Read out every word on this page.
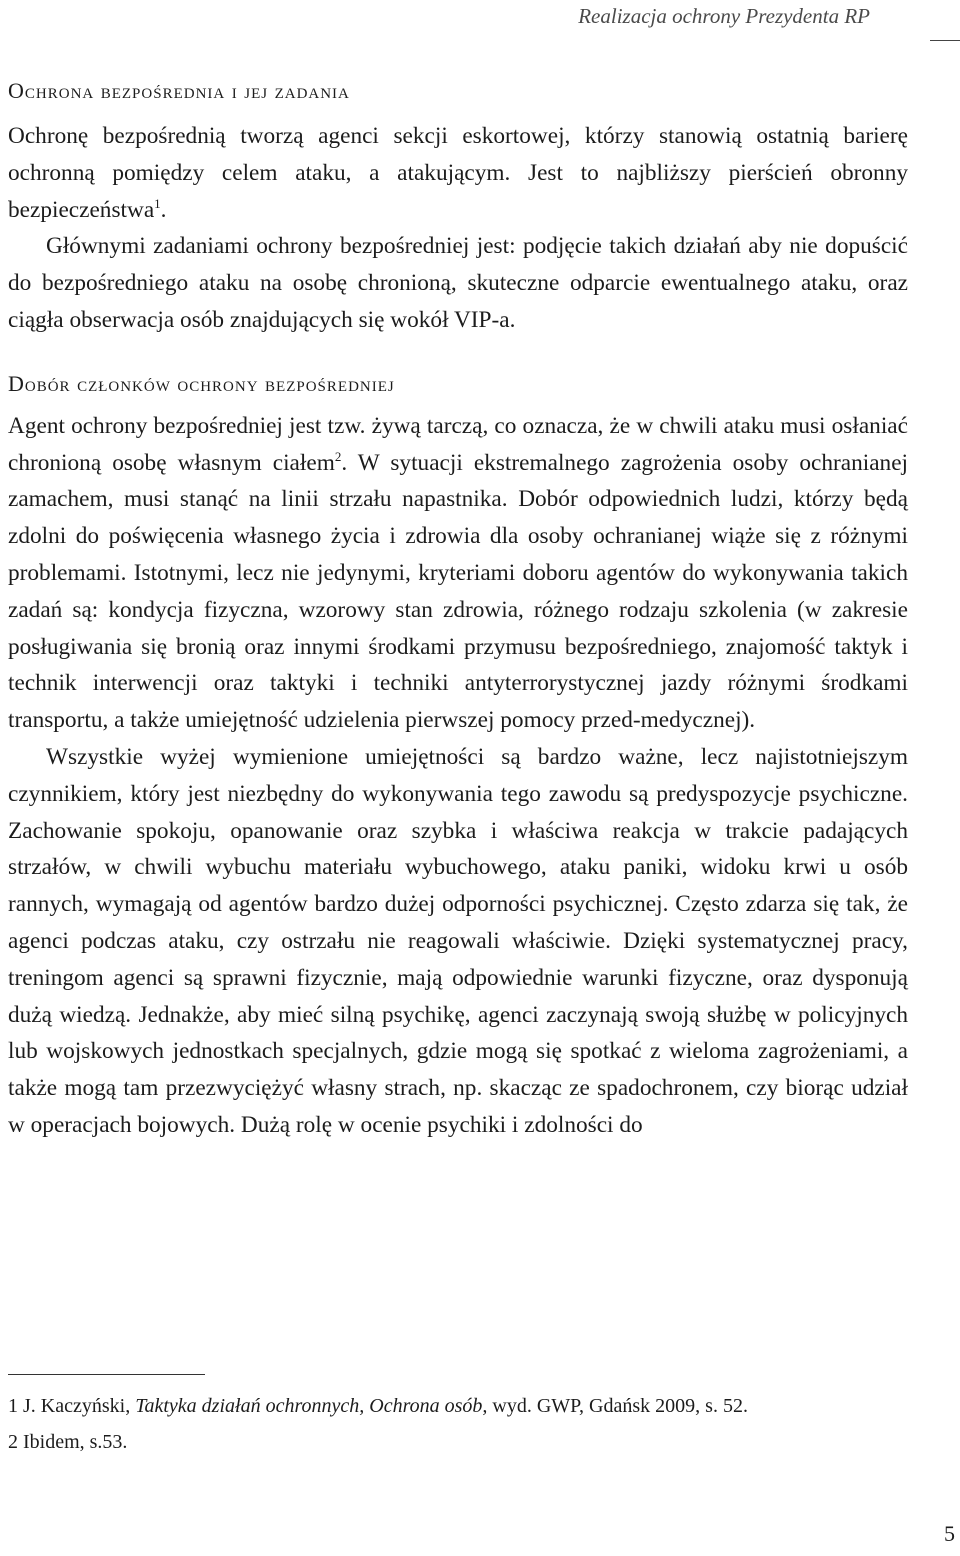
Realizacja ochrony Prezydenta RP
Ochrona bezpośrednia i jej zadania

Ochronę bezpośrednią tworzą agenci sekcji eskortowej, którzy stanowią ostatnią barierę ochronną pomiędzy celem ataku, a atakującym. Jest to najbliższy pierścień obronny bezpieczeństwa$^1$.

Głównymi zadaniami ochrony bezpośredniej jest: podjęcie takich działań aby nie dopuścić do bezpośredniego ataku na osobę chronioną, skuteczne odparcie ewentualnego ataku, oraz ciągła obserwacja osób znajdujących się wokół VIP-a.

Dobór członków ochrony bezpośredniej

Agent ochrony bezpośredniej jest tzw. żywą tarczą, co oznacza, że w chwili ataku musi osłaniać chronioną osobę własnym ciałem$^2$. W sytuacji ekstremalnego zagrożenia osoby ochranianej zamachem, musi stanąć na linii strzału napastnika. Dobór odpowiednich ludzi, którzy będą zdolni do poświęcenia własnego życia i zdrowia dla osoby ochranianej wiąże się z różnymi problemami. Istotnymi, lecz nie jedynymi, kryteriami doboru agentów do wykonywania takich zadań są: kondycja fizyczna, wzorowy stan zdrowia, różnego rodzaju szkolenia (w zakresie posługiwania się bronią oraz innymi środkami przymusu bezpośredniego, znajomość taktyk i technik interwencji oraz taktyki i techniki antyterrorystycznej jazdy różnymi środkami transportu, a także umiejętność udzielenia pierwszej pomocy przed-medycznej).

Wszystkie wyżej wymienione umiejętności są bardzo ważne, lecz najistotniejszym czynnikiem, który jest niezbędny do wykonywania tego zawodu są predyspozycje psychiczne. Zachowanie spokoju, opanowanie oraz szybka i właściwa reakcja w trakcie padających strzałów, w chwili wybuchu materiału wybuchowego, ataku paniki, widoku krwi u osób rannych, wymagają od agentów bardzo dużej odporności psychicznej. Często zdarza się tak, że agenci podczas ataku, czy ostrzału nie reagowali właściwie. Dzięki systematycznej pracy, treningom agenci są sprawni fizycznie, mają odpowiednie warunki fizyczne, oraz dysponują dużą wiedzą. Jednakże, aby mieć silną psychikę, agenci zaczynają swoją służbę w policyjnych lub wojskowych jednostkach specjalnych, gdzie mogą się spotkać z wieloma zagrożeniami, a także mogą tam przezwyciężyć własny strach, np. skacząc ze spadochronem, czy biorąc udział w operacjach bojowych. Dużą rolę w ocenie psychiki i zdolności do

1 J. Kaczyński, Taktyka działań ochronnych, Ochrona osób, wyd. GWP, Gdańsk 2009, s. 52.
2 Ibidem, s.53.
5
